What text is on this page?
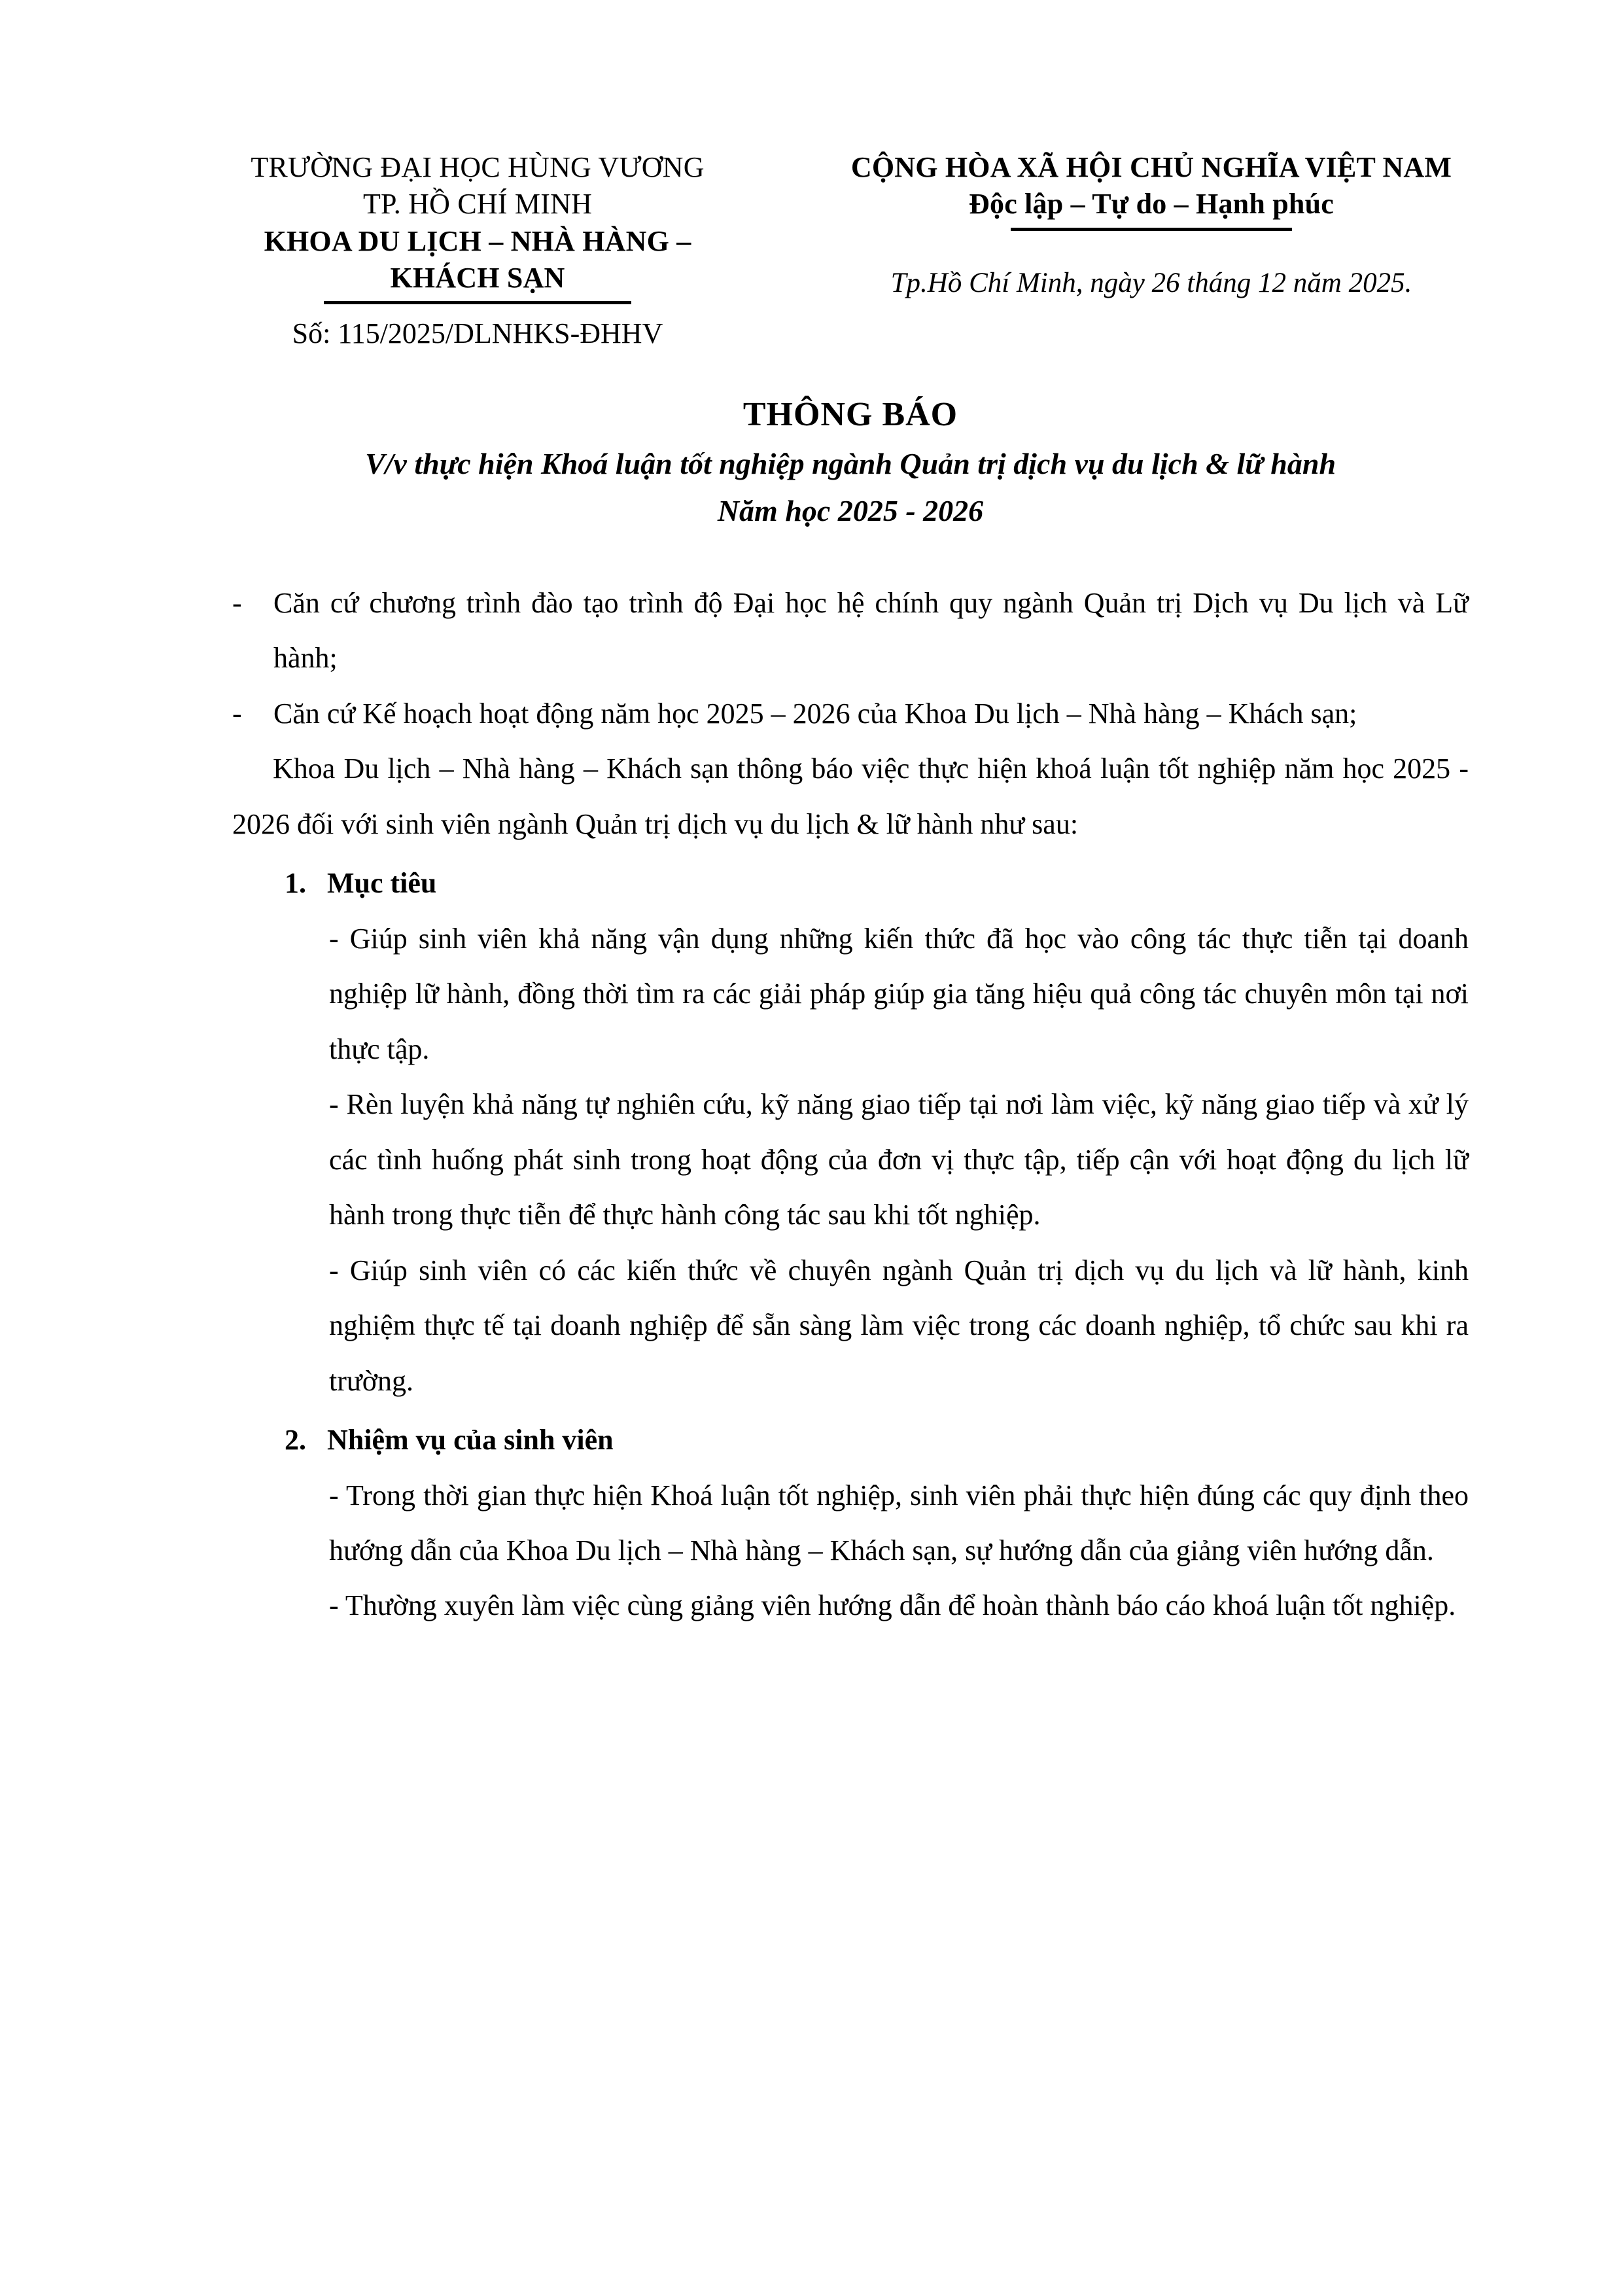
TRƯỜNG ĐẠI HỌC HÙNG VƯƠNG
TP. HỒ CHÍ MINH
KHOA DU LỊCH – NHÀ HÀNG –
KHÁCH SẠN
Số: 115/2025/DLNHKS-ĐHHV
CỘNG HÒA XÃ HỘI CHỦ NGHĨA VIỆT NAM
Độc lập – Tự do – Hạnh phúc
Tp.Hồ Chí Minh, ngày 26 tháng 12 năm 2025.
THÔNG BÁO
V/v thực hiện Khoá luận tốt nghiệp ngành Quản trị dịch vụ du lịch & lữ hành
Năm học 2025 - 2026
-	Căn cứ chương trình đào tạo trình độ Đại học hệ chính quy ngành Quản trị Dịch vụ Du lịch và Lữ hành;
-	Căn cứ Kế hoạch hoạt động năm học 2025 – 2026 của Khoa Du lịch – Nhà hàng – Khách sạn;

Khoa Du lịch – Nhà hàng – Khách sạn thông báo việc thực hiện khoá luận tốt nghiệp năm học 2025 - 2026 đối với sinh viên ngành Quản trị dịch vụ du lịch & lữ hành như sau:

1. Mục tiêu

- Giúp sinh viên khả năng vận dụng những kiến thức đã học vào công tác thực tiễn tại doanh nghiệp lữ hành, đồng thời tìm ra các giải pháp giúp gia tăng hiệu quả công tác chuyên môn tại nơi thực tập.

- Rèn luyện khả năng tự nghiên cứu, kỹ năng giao tiếp tại nơi làm việc, kỹ năng giao tiếp và xử lý các tình huống phát sinh trong hoạt động của đơn vị thực tập, tiếp cận với hoạt động du lịch lữ hành trong thực tiễn để thực hành công tác sau khi tốt nghiệp.

- Giúp sinh viên có các kiến thức về chuyên ngành Quản trị dịch vụ du lịch và lữ hành, kinh nghiệm thực tế tại doanh nghiệp để sẵn sàng làm việc trong các doanh nghiệp, tổ chức sau khi ra trường.

2. Nhiệm vụ của sinh viên

- Trong thời gian thực hiện Khoá luận tốt nghiệp, sinh viên phải thực hiện đúng các quy định theo hướng dẫn của Khoa Du lịch – Nhà hàng – Khách sạn, sự hướng dẫn của giảng viên hướng dẫn.

- Thường xuyên làm việc cùng giảng viên hướng dẫn để hoàn thành báo cáo khoá luận tốt nghiệp.
